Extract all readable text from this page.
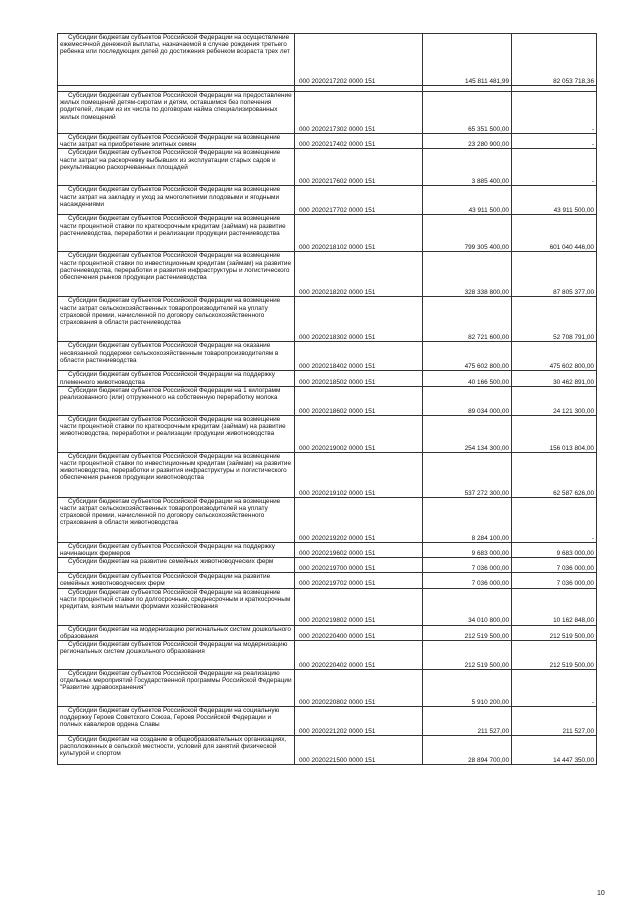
Субсидии бюджетам субъектов Российской Федерации на осуществление ежемесячной денежной выплаты, назначаемой в случае рождения третьего ребенка или последующих детей до достижения ребенком возраста трех лет	000 2020217202 0000 151	145 811 481,99	82 053 718,36

Субсидии бюджетам субъектов Российской Федерации на предоставление жилых помещений детям-сиротам и детям, оставшимся без попечения родителей, лицам из их числа по договорам найма специализированных жилых помещений	000 2020217302 0000 151	65 351 500,00	-
Субсидии бюджетам субъектов Российской Федерации на возмещение части затрат на приобретение элитных семян	000 2020217402 0000 151	23 280 900,00	-
Субсидии бюджетам субъектов Российской Федерации на возмещение части затрат на раскорчевку выбывших из эксплуатации старых садов и рекультивацию раскорчеванных площадей	000 2020217602 0000 151	3 885 400,00	-
Субсидии бюджетам субъектов Российской Федерации на возмещение части затрат на закладку и уход за многолетними плодовыми и ягодными насаждениями	000 2020217702 0000 151	43 911 500,00	43 911 500,00
Субсидии бюджетам субъектов Российской Федерации на возмещение части процентной ставки по краткосрочным кредитам (займам) на развитие растениеводства, переработки и реализации продукции растениеводства	000 2020218102 0000 151	799 305 400,00	601 040 446,00
Субсидии бюджетам субъектов Российской Федерации на возмещение части процентной ставки по инвестиционным кредитам (займам) на развитие растениеводства, переработки и развития инфраструктуры и логистического обеспечения рынков продукции растениеводства	000 2020218202 0000 151	328 338 800,00	87 805 377,00
Субсидии бюджетам субъектов Российской Федерации на возмещение части затрат сельскохозяйственных товаропроизводителей на уплату страховой премии, начисленной по договору сельскохозяйственного страхования в области растениеводства	000 2020218302 0000 151	82 721 600,00	52 708 791,00
Субсидии бюджетам субъектов Российской Федерации на оказание несвязанной поддержки сельскохозяйственным товаропроизводителям в области растениеводства	000 2020218402 0000 151	475 602 800,00	475 602 800,00
Субсидии бюджетам субъектов Российской Федерации на поддержку племенного животноводства	000 2020218502 0000 151	40 166 500,00	30 462 891,00
Субсидии бюджетам субъектов Российской Федерации на 1 килограмм реализованного (или) отгруженного на собственную переработку молока	000 2020218602 0000 151	89 034 000,00	24 121 300,00
Субсидии бюджетам субъектов Российской Федерации на возмещение части процентной ставки по краткосрочным кредитам (займам) на развитие животноводства, переработки и реализации продукции животноводства	000 2020219002 0000 151	254 134 300,00	156 013 804,00
Субсидии бюджетам субъектов Российской Федерации на возмещение части процентной ставки по инвестиционным кредитам (займам) на развитие животноводства, переработки и развития инфраструктуры и логистического обеспечения рынков продукции животноводства	000 2020219102 0000 151	537 272 300,00	62 587 626,00
Субсидии бюджетам субъектов Российской Федерации на возмещение части затрат сельскохозяйственных товаропроизводителей на уплату страховой премии, начисленной по договору сельскохозяйственного страхования в области животноводства	000 2020219202 0000 151	8 284 100,00	-
Субсидии бюджетам субъектов Российской Федерации на поддержку начинающих фермеров	000 2020219602 0000 151	9 683 000,00	9 683 000,00
Субсидии бюджетам на развитие семейных животноводческих ферм	000 2020219700 0000 151	7 036 000,00	7 036 000,00
Субсидии бюджетам субъектов Российской Федерации на развитие семейных животноводческих ферм	000 2020219702 0000 151	7 036 000,00	7 036 000,00
Субсидии бюджетам субъектов Российской Федерации на возмещение части процентной ставки по долгосрочным, среднесрочным и краткосрочным кредитам, взятым малыми формами хозяйствования	000 2020219802 0000 151	34 010 800,00	10 162 848,00
Субсидии бюджетам на модернизацию региональных систем дошкольного образования	000 2020220400 0000 151	212 519 500,00	212 519 500,00
Субсидии бюджетам субъектов Российской Федерации на модернизацию региональных систем дошкольного образования	000 2020220402 0000 151	212 519 500,00	212 519 500,00
Субсидии бюджетам субъектов Российской Федерации на реализацию отдельных мероприятий Государственной программы Российской Федерации "Развитие здравоохранения"	000 2020220802 0000 151	5 910 200,00	-
Субсидии бюджетам субъектов Российской Федерации на социальную поддержку Героев Советского Союза, Героев Российской Федерации и полных кавалеров ордена Славы	000 2020221202 0000 151	211 527,00	211 527,00
Субсидии бюджетам на создание в общеобразовательных организациях, расположенных в сельской местности, условий для занятий физической культурой и спортом	000 2020221500 0000 151	28 894 700,00	14 447 350,00
10
